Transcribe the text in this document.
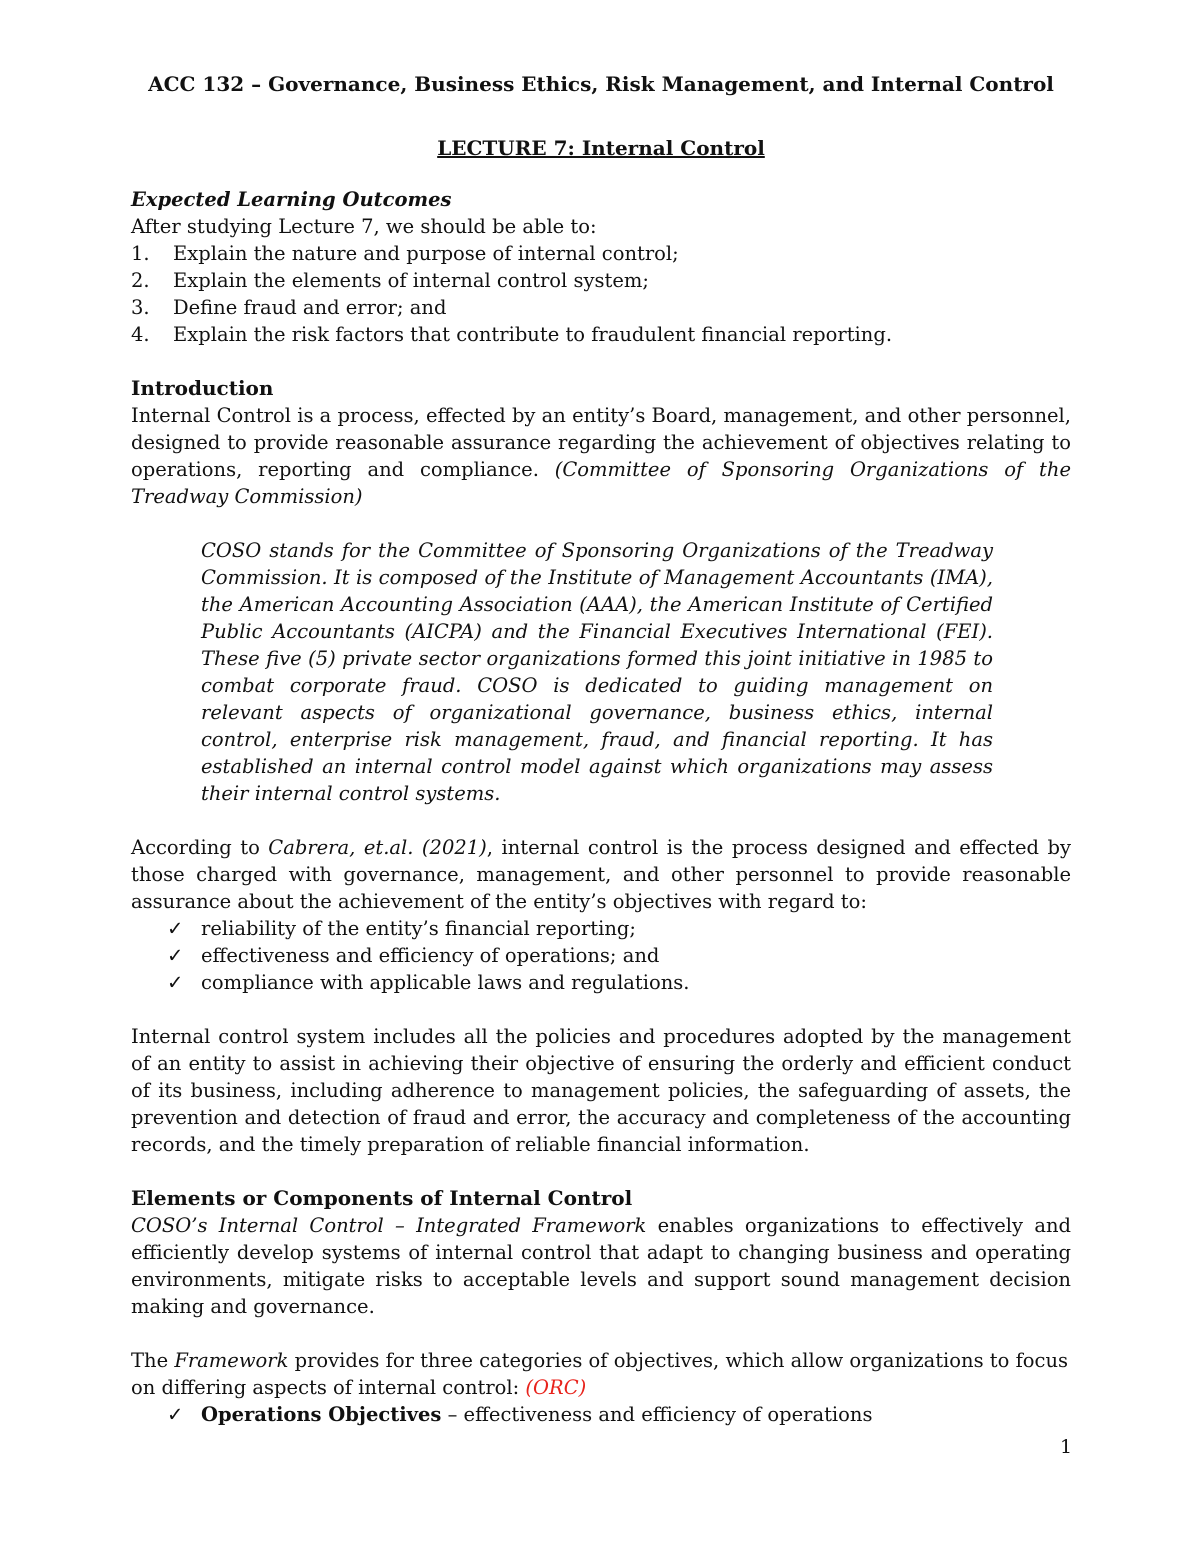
ACC 132 – Governance, Business Ethics, Risk Management, and Internal Control
LECTURE 7: Internal Control
Expected Learning Outcomes

After studying Lecture 7, we should be able to:

1.	Explain the nature and purpose of internal control;
2.	Explain the elements of internal control system;
3.	Define fraud and error; and
4.	Explain the risk factors that contribute to fraudulent financial reporting.
Introduction

Internal Control is a process, effected by an entity’s Board, management, and other personnel, designed to provide reasonable assurance regarding the achievement of objectives relating to operations, reporting and compliance. (Committee of Sponsoring Organizations of the Treadway Commission)

COSO stands for the Committee of Sponsoring Organizations of the Treadway Commission. It is composed of the Institute of Management Accountants (IMA), the American Accounting Association (AAA), the American Institute of Certified Public Accountants (AICPA) and the Financial Executives International (FEI). These five (5) private sector organizations formed this joint initiative in 1985 to combat corporate fraud. COSO is dedicated to guiding management on relevant aspects of organizational governance, business ethics, internal control, enterprise risk management, fraud, and financial reporting. It has established an internal control model against which organizations may assess their internal control systems.

According to Cabrera, et.al. (2021), internal control is the process designed and effected by those charged with governance, management, and other personnel to provide reasonable assurance about the achievement of the entity’s objectives with regard to:

✓ reliability of the entity’s financial reporting;
✓ effectiveness and efficiency of operations; and
✓ compliance with applicable laws and regulations.

Internal control system includes all the policies and procedures adopted by the management of an entity to assist in achieving their objective of ensuring the orderly and efficient conduct of its business, including adherence to management policies, the safeguarding of assets, the prevention and detection of fraud and error, the accuracy and completeness of the accounting records, and the timely preparation of reliable financial information.

Elements or Components of Internal Control

COSO’s Internal Control – Integrated Framework enables organizations to effectively and efficiently develop systems of internal control that adapt to changing business and operating environments, mitigate risks to acceptable levels and support sound management decision making and governance.

The Framework provides for three categories of objectives, which allow organizations to focus on differing aspects of internal control: (ORC)

✓ Operations Objectives – effectiveness and efficiency of operations
1
